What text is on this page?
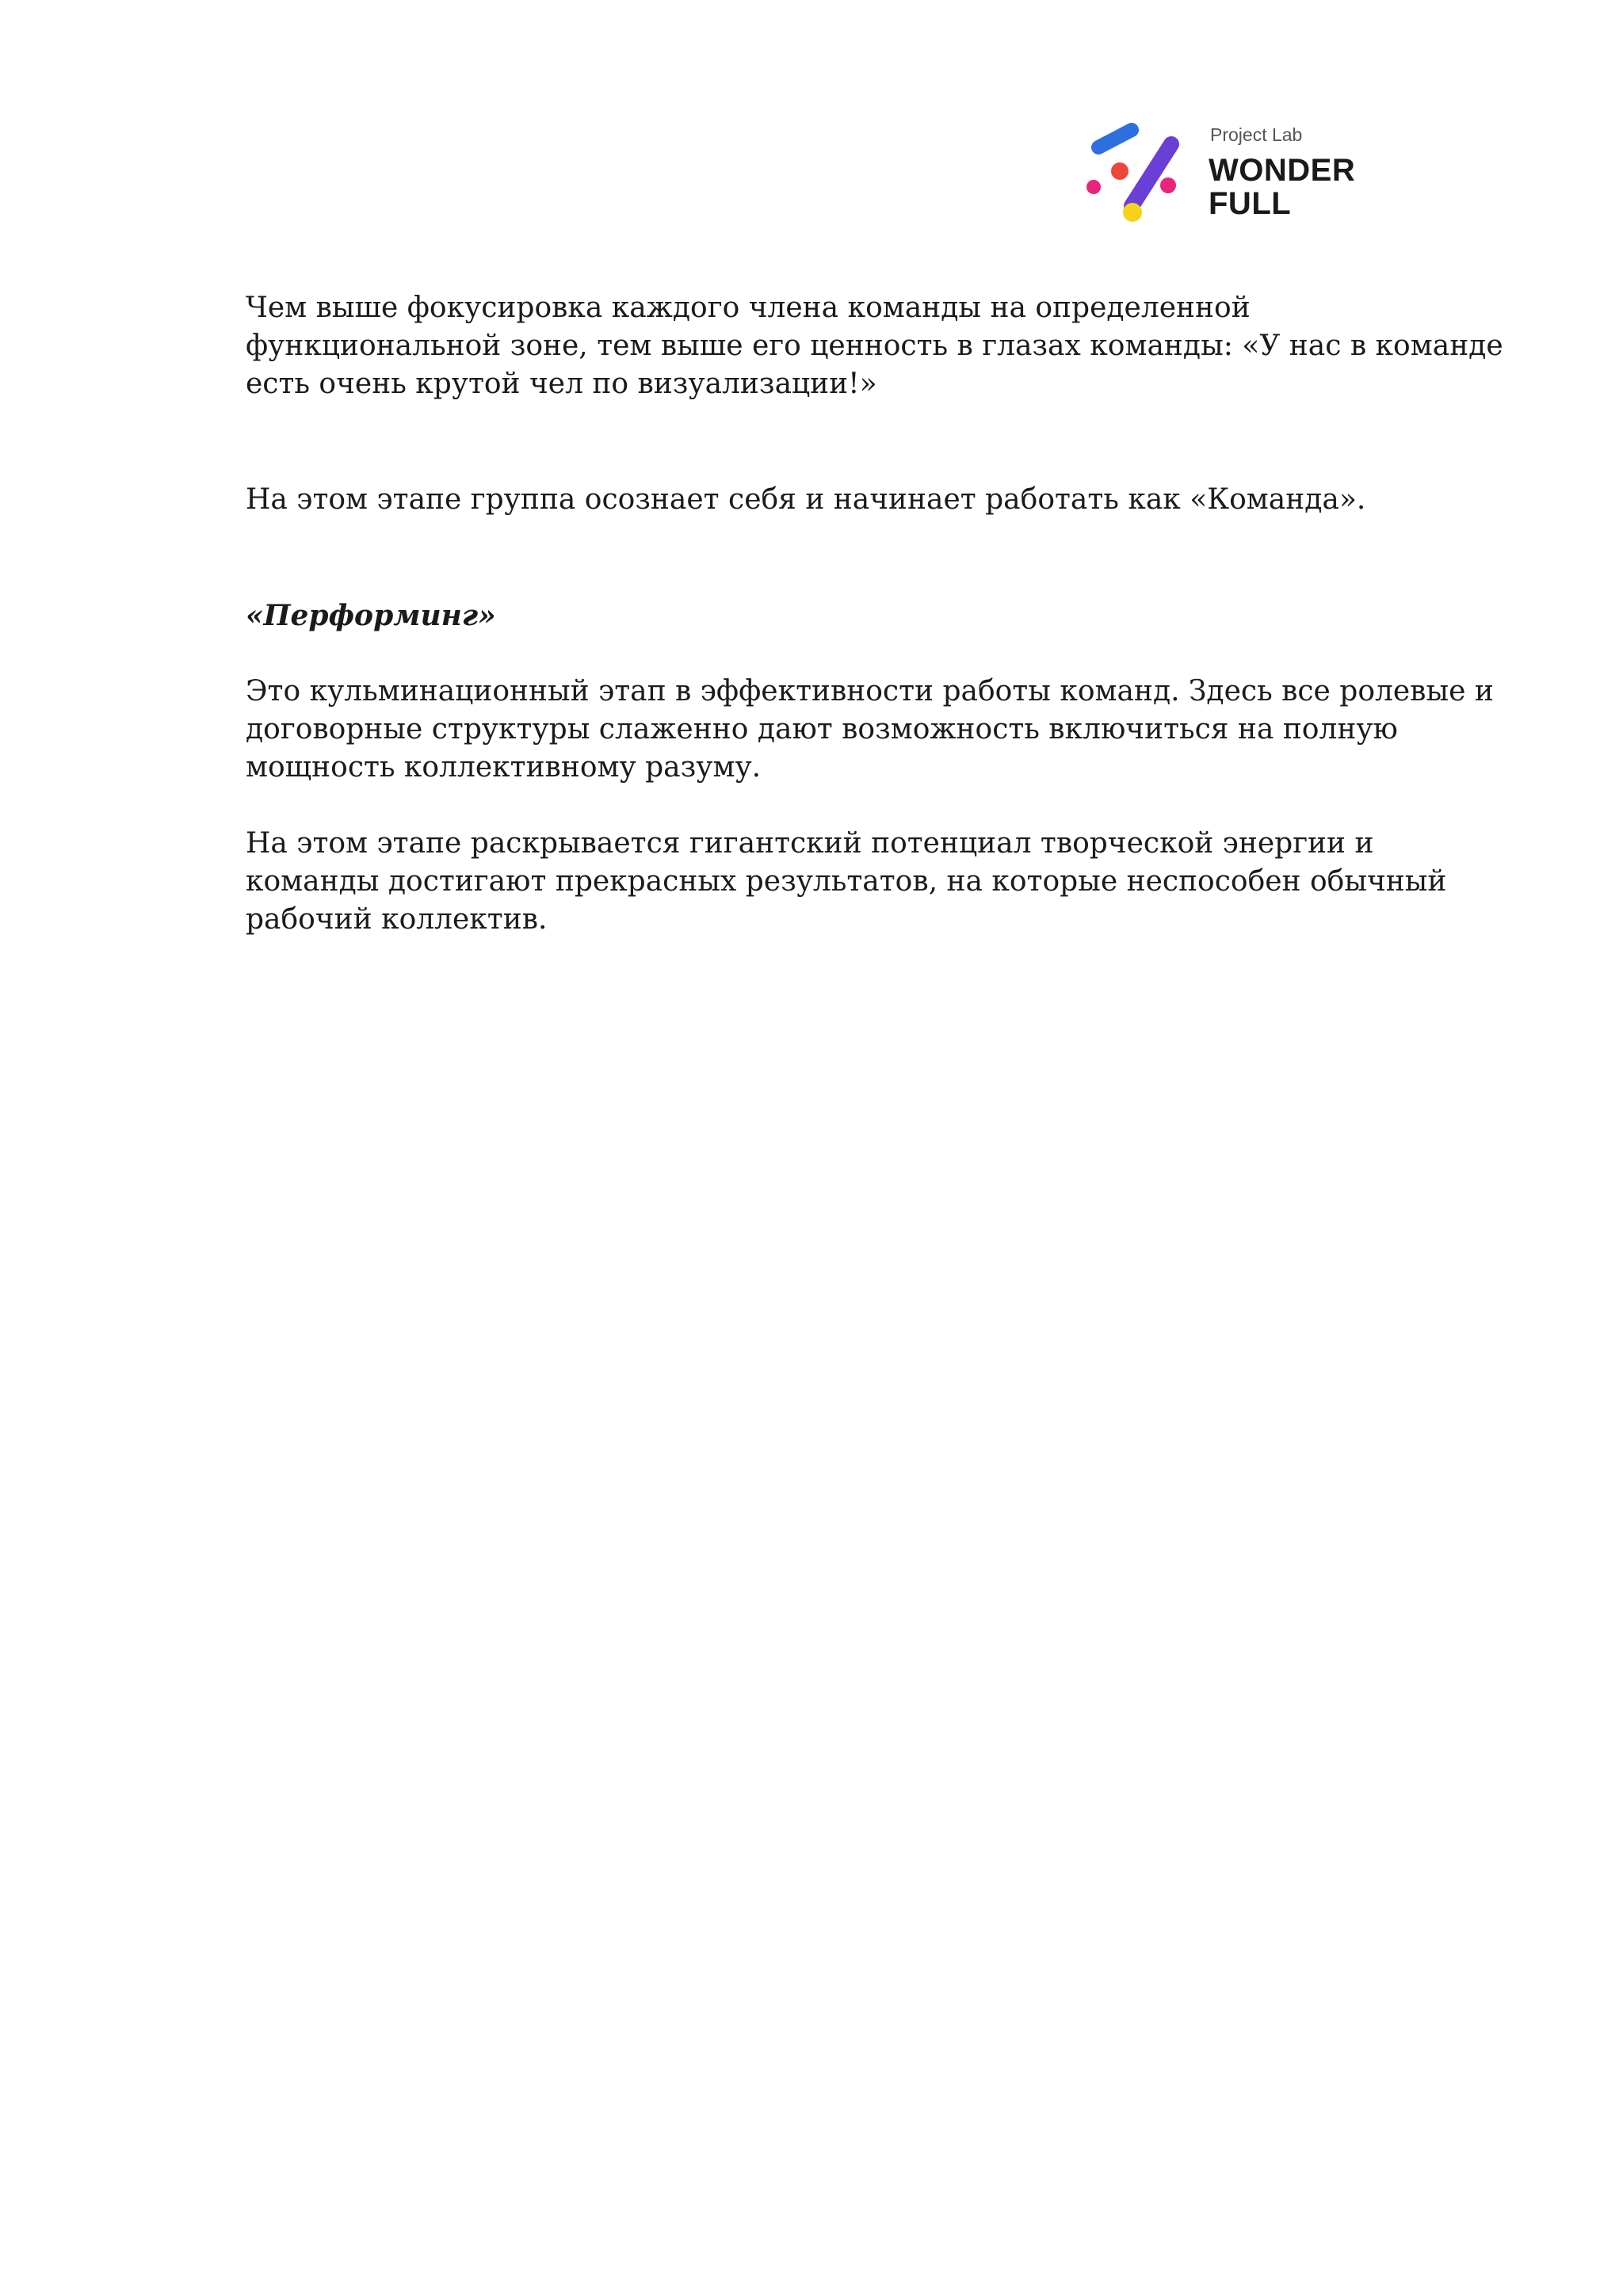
Project Lab
WONDER
FULL

Чем выше фокусировка каждого члена команды на определенной
функциональной зоне, тем выше его ценность в глазах команды: «У нас в команде
есть очень крутой чел по визуализации!»

На этом этапе группа осознает себя и начинает работать как «Команда».

«Перформинг»

Это кульминационный этап в эффективности работы команд. Здесь все ролевые и
договорные структуры слаженно дают возможность включиться на полную
мощность коллективному разуму.

На этом этапе раскрывается гигантский потенциал творческой энергии и
команды достигают прекрасных результатов, на которые неспособен обычный
рабочий коллектив.
